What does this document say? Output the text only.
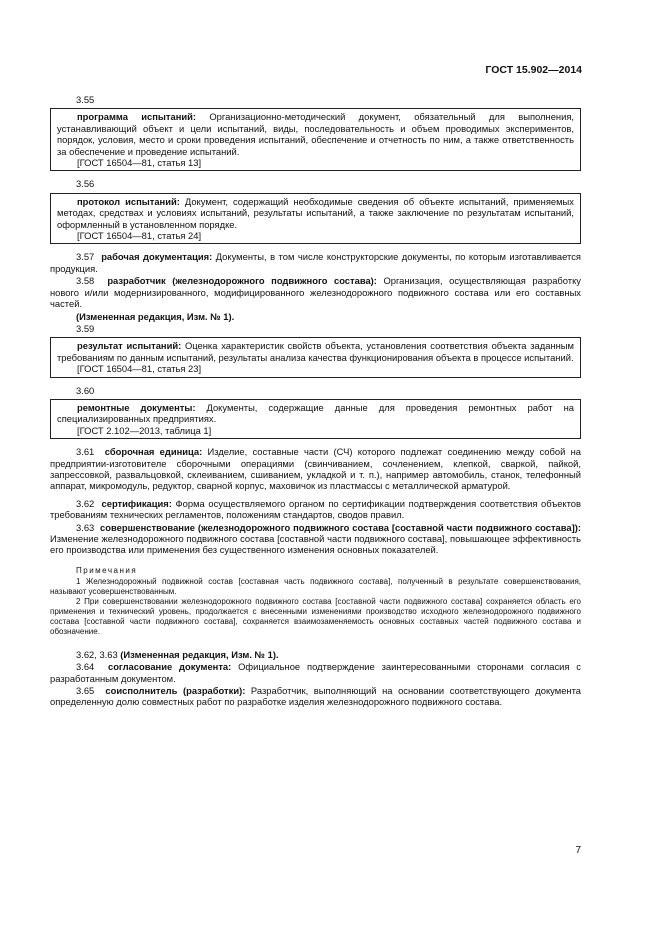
ГОСТ 15.902—2014
3.55

программа испытаний: Организационно-методический документ, обязательный для выполнения, устанавливающий объект и цели испытаний, виды, последовательность и объем проводимых экспериментов, порядок, условия, место и сроки проведения испытаний, обеспечение и отчетность по ним, а также ответственность за обеспечение и проведение испытаний.

[ГОСТ 16504—81, статья 13]

3.56

протокол испытаний: Документ, содержащий необходимые сведения об объекте испытаний, применяемых методах, средствах и условиях испытаний, результаты испытаний, а также заключение по результатам испытаний, оформленный в установленном порядке.

[ГОСТ 16504—81, статья 24]

3.57 рабочая документация: Документы, в том числе конструкторские документы, по которым изготавливается продукция.

3.58 разработчик (железнодорожного подвижного состава): Организация, осуществляющая разработку нового и/или модернизированного, модифицированного железнодорожного подвижного состава или его составных частей.

(Измененная редакция, Изм. № 1).

3.59

результат испытаний: Оценка характеристик свойств объекта, установления соответствия объекта заданным требованиям по данным испытаний, результаты анализа качества функционирования объекта в процессе испытаний.

[ГОСТ 16504—81, статья 23]

3.60

ремонтные документы: Документы, содержащие данные для проведения ремонтных работ на специализированных предприятиях.

[ГОСТ 2.102—2013, таблица 1]

3.61 сборочная единица: Изделие, составные части (СЧ) которого подлежат соединению между собой на предприятии-изготовителе сборочными операциями (свинчиванием, сочленением, клепкой, сваркой, пайкой, запрессовкой, развальцовкой, склеиванием, сшиванием, укладкой и т. п.), например автомобиль, станок, телефонный аппарат, микромодуль, редуктор, сварной корпус, маховичок из пластмассы с металлической арматурой.

3.62 сертификация: Форма осуществляемого органом по сертификации подтверждения соответствия объектов требованиям технических регламентов, положениям стандартов, сводов правил.

3.63 совершенствование (железнодорожного подвижного состава [составной части подвижного состава]): Изменение железнодорожного подвижного состава [составной части подвижного состава], повышающее эффективность его производства или применения без существенного изменения основных показателей.

Примечания

1 Железнодорожный подвижной состав [составная часть подвижного состава], полученный в результате совершенствования, называют усовершенствованным.

2 При совершенствовании железнодорожного подвижного состава [составной части подвижного состава] сохраняется область его применения и технический уровень, продолжается с внесенными изменениями производство исходного железнодорожного подвижного состава [составной части подвижного состава], сохраняется взаимозаменяемость основных составных частей подвижного состава и обозначение.

3.62, 3.63 (Измененная редакция, Изм. № 1).

3.64 согласование документа: Официальное подтверждение заинтересованными сторонами согласия с разработанным документом.

3.65 соисполнитель (разработки): Разработчик, выполняющий на основании соответствующего документа определенную долю совместных работ по разработке изделия железнодорожного подвижного состава.

7
